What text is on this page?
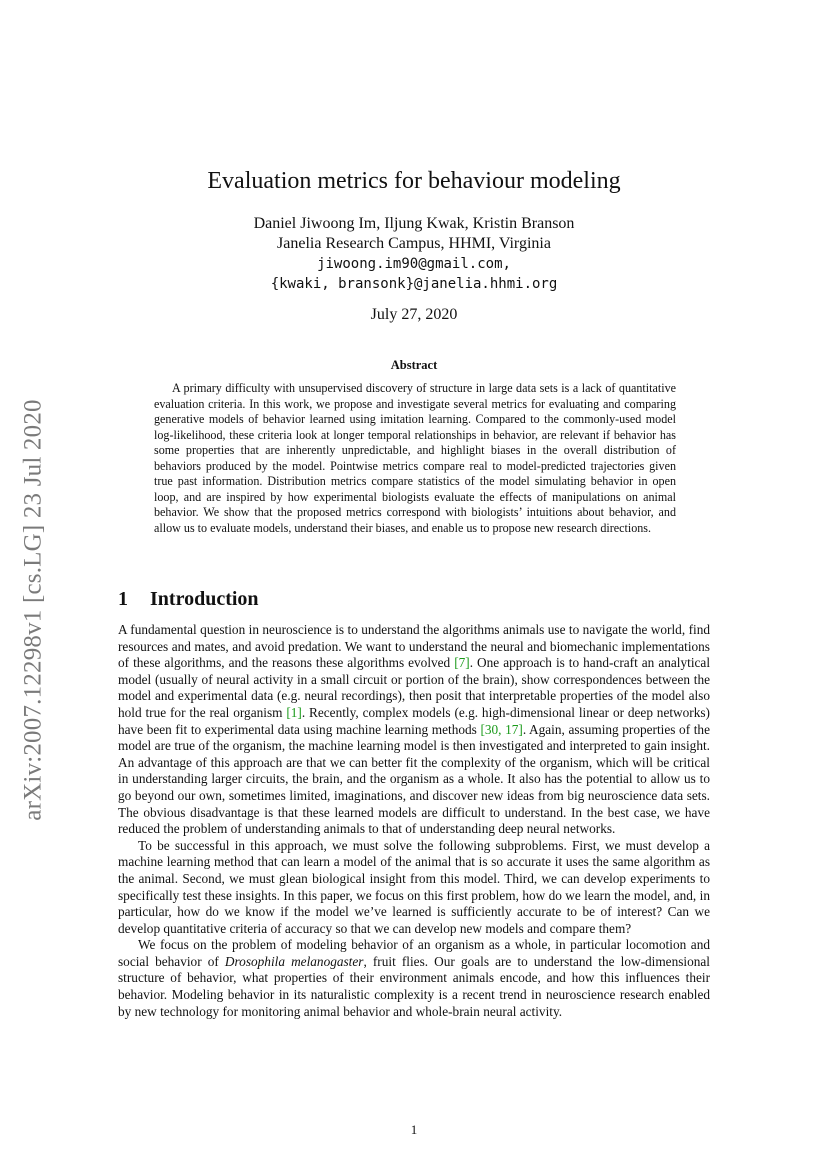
arXiv:2007.12298v1 [cs.LG] 23 Jul 2020
Evaluation metrics for behaviour modeling
Daniel Jiwoong Im, Iljung Kwak, Kristin Branson
Janelia Research Campus, HHMI, Virginia
jiwoong.im90@gmail.com,
{kwaki, bransonk}@janelia.hhmi.org
July 27, 2020
Abstract

A primary difficulty with unsupervised discovery of structure in large data sets is a lack of quantitative evaluation criteria. In this work, we propose and investigate several metrics for evaluating and comparing generative models of behavior learned using imitation learning. Compared to the commonly-used model log-likelihood, these criteria look at longer temporal relationships in behavior, are relevant if behavior has some properties that are inherently unpredictable, and highlight biases in the overall distribution of behaviors produced by the model. Pointwise metrics compare real to model-predicted trajectories given true past information. Distribution metrics compare statistics of the model simulating behavior in open loop, and are inspired by how experimental biologists evaluate the effects of manipulations on animal behavior. We show that the proposed metrics correspond with biologists’ intuitions about behavior, and allow us to evaluate models, understand their biases, and enable us to propose new research directions.

1 Introduction

A fundamental question in neuroscience is to understand the algorithms animals use to navigate the world, find resources and mates, and avoid predation. We want to understand the neural and biomechanic implementations of these algorithms, and the reasons these algorithms evolved [7]. One approach is to hand-craft an analytical model (usually of neural activity in a small circuit or portion of the brain), show correspondences between the model and experimental data (e.g. neural recordings), then posit that interpretable properties of the model also hold true for the real organism [1]. Recently, complex models (e.g. high-dimensional linear or deep networks) have been fit to experimental data using machine learning methods [30, 17]. Again, assuming properties of the model are true of the organism, the machine learning model is then investigated and interpreted to gain insight. An advantage of this approach are that we can better fit the complexity of the organism, which will be critical in understanding larger circuits, the brain, and the organism as a whole. It also has the potential to allow us to go beyond our own, sometimes limited, imaginations, and discover new ideas from big neuroscience data sets. The obvious disadvantage is that these learned models are difficult to understand. In the best case, we have reduced the problem of understanding animals to that of understanding deep neural networks.

To be successful in this approach, we must solve the following subproblems. First, we must develop a machine learning method that can learn a model of the animal that is so accurate it uses the same algorithm as the animal. Second, we must glean biological insight from this model. Third, we can develop experiments to specifically test these insights. In this paper, we focus on this first problem, how do we learn the model, and, in particular, how do we know if the model we’ve learned is sufficiently accurate to be of interest? Can we develop quantitative criteria of accuracy so that we can develop new models and compare them?

We focus on the problem of modeling behavior of an organism as a whole, in particular locomotion and social behavior of Drosophila melanogaster, fruit flies. Our goals are to understand the low-dimensional structure of behavior, what properties of their environment animals encode, and how this influences their behavior. Modeling behavior in its naturalistic complexity is a recent trend in neuroscience research enabled by new technology for monitoring animal behavior and whole-brain neural activity.

1
